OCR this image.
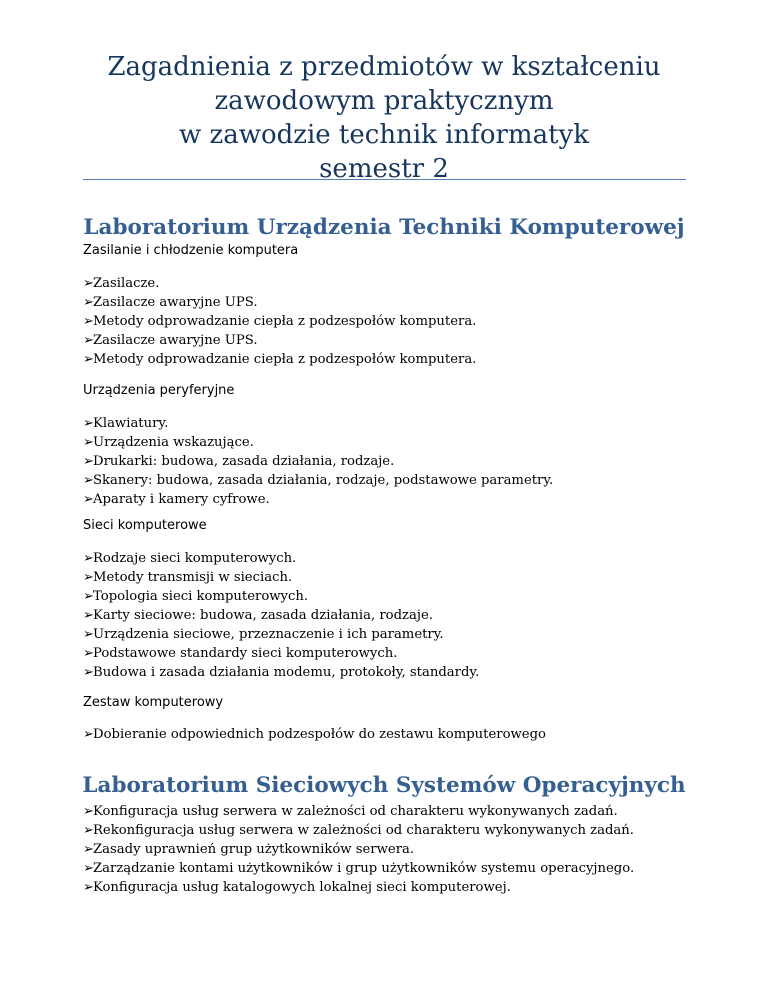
Zagadnienia z przedmiotów w kształceniu
zawodowym praktycznym
w zawodzie technik informatyk
semestr 2
Laboratorium Urządzenia Techniki Komputerowej

Zasilanie i chłodzenie komputera

➢ Zasilacze.
➢ Zasilacze awaryjne UPS.
➢ Metody odprowadzanie ciepła z podzespołów komputera.
➢ Zasilacze awaryjne UPS.
➢ Metody odprowadzanie ciepła z podzespołów komputera.

Urządzenia peryferyjne

➢ Klawiatury.
➢ Urządzenia wskazujące.
➢ Drukarki: budowa, zasada działania, rodzaje.
➢ Skanery: budowa, zasada działania, rodzaje, podstawowe parametry.
➢ Aparaty i kamery cyfrowe.

Sieci komputerowe

➢ Rodzaje sieci komputerowych.
➢ Metody transmisji w sieciach.
➢ Topologia sieci komputerowych.
➢ Karty sieciowe: budowa, zasada działania, rodzaje.
➢ Urządzenia sieciowe, przeznaczenie i ich parametry.
➢ Podstawowe standardy sieci komputerowych.
➢ Budowa i zasada działania modemu, protokoły, standardy.

Zestaw komputerowy

➢ Dobieranie odpowiednich podzespołów do zestawu komputerowego
Laboratorium Sieciowych Systemów Operacyjnych
➢ Konfiguracja usług serwera w zależności od charakteru wykonywanych zadań.
➢ Rekonfiguracja usług serwera w zależności od charakteru wykonywanych zadań.
➢ Zasady uprawnień grup użytkowników serwera.
➢ Zarządzanie kontami użytkowników i grup użytkowników systemu operacyjnego.
➢ Konfiguracja usług katalogowych lokalnej sieci komputerowej.
